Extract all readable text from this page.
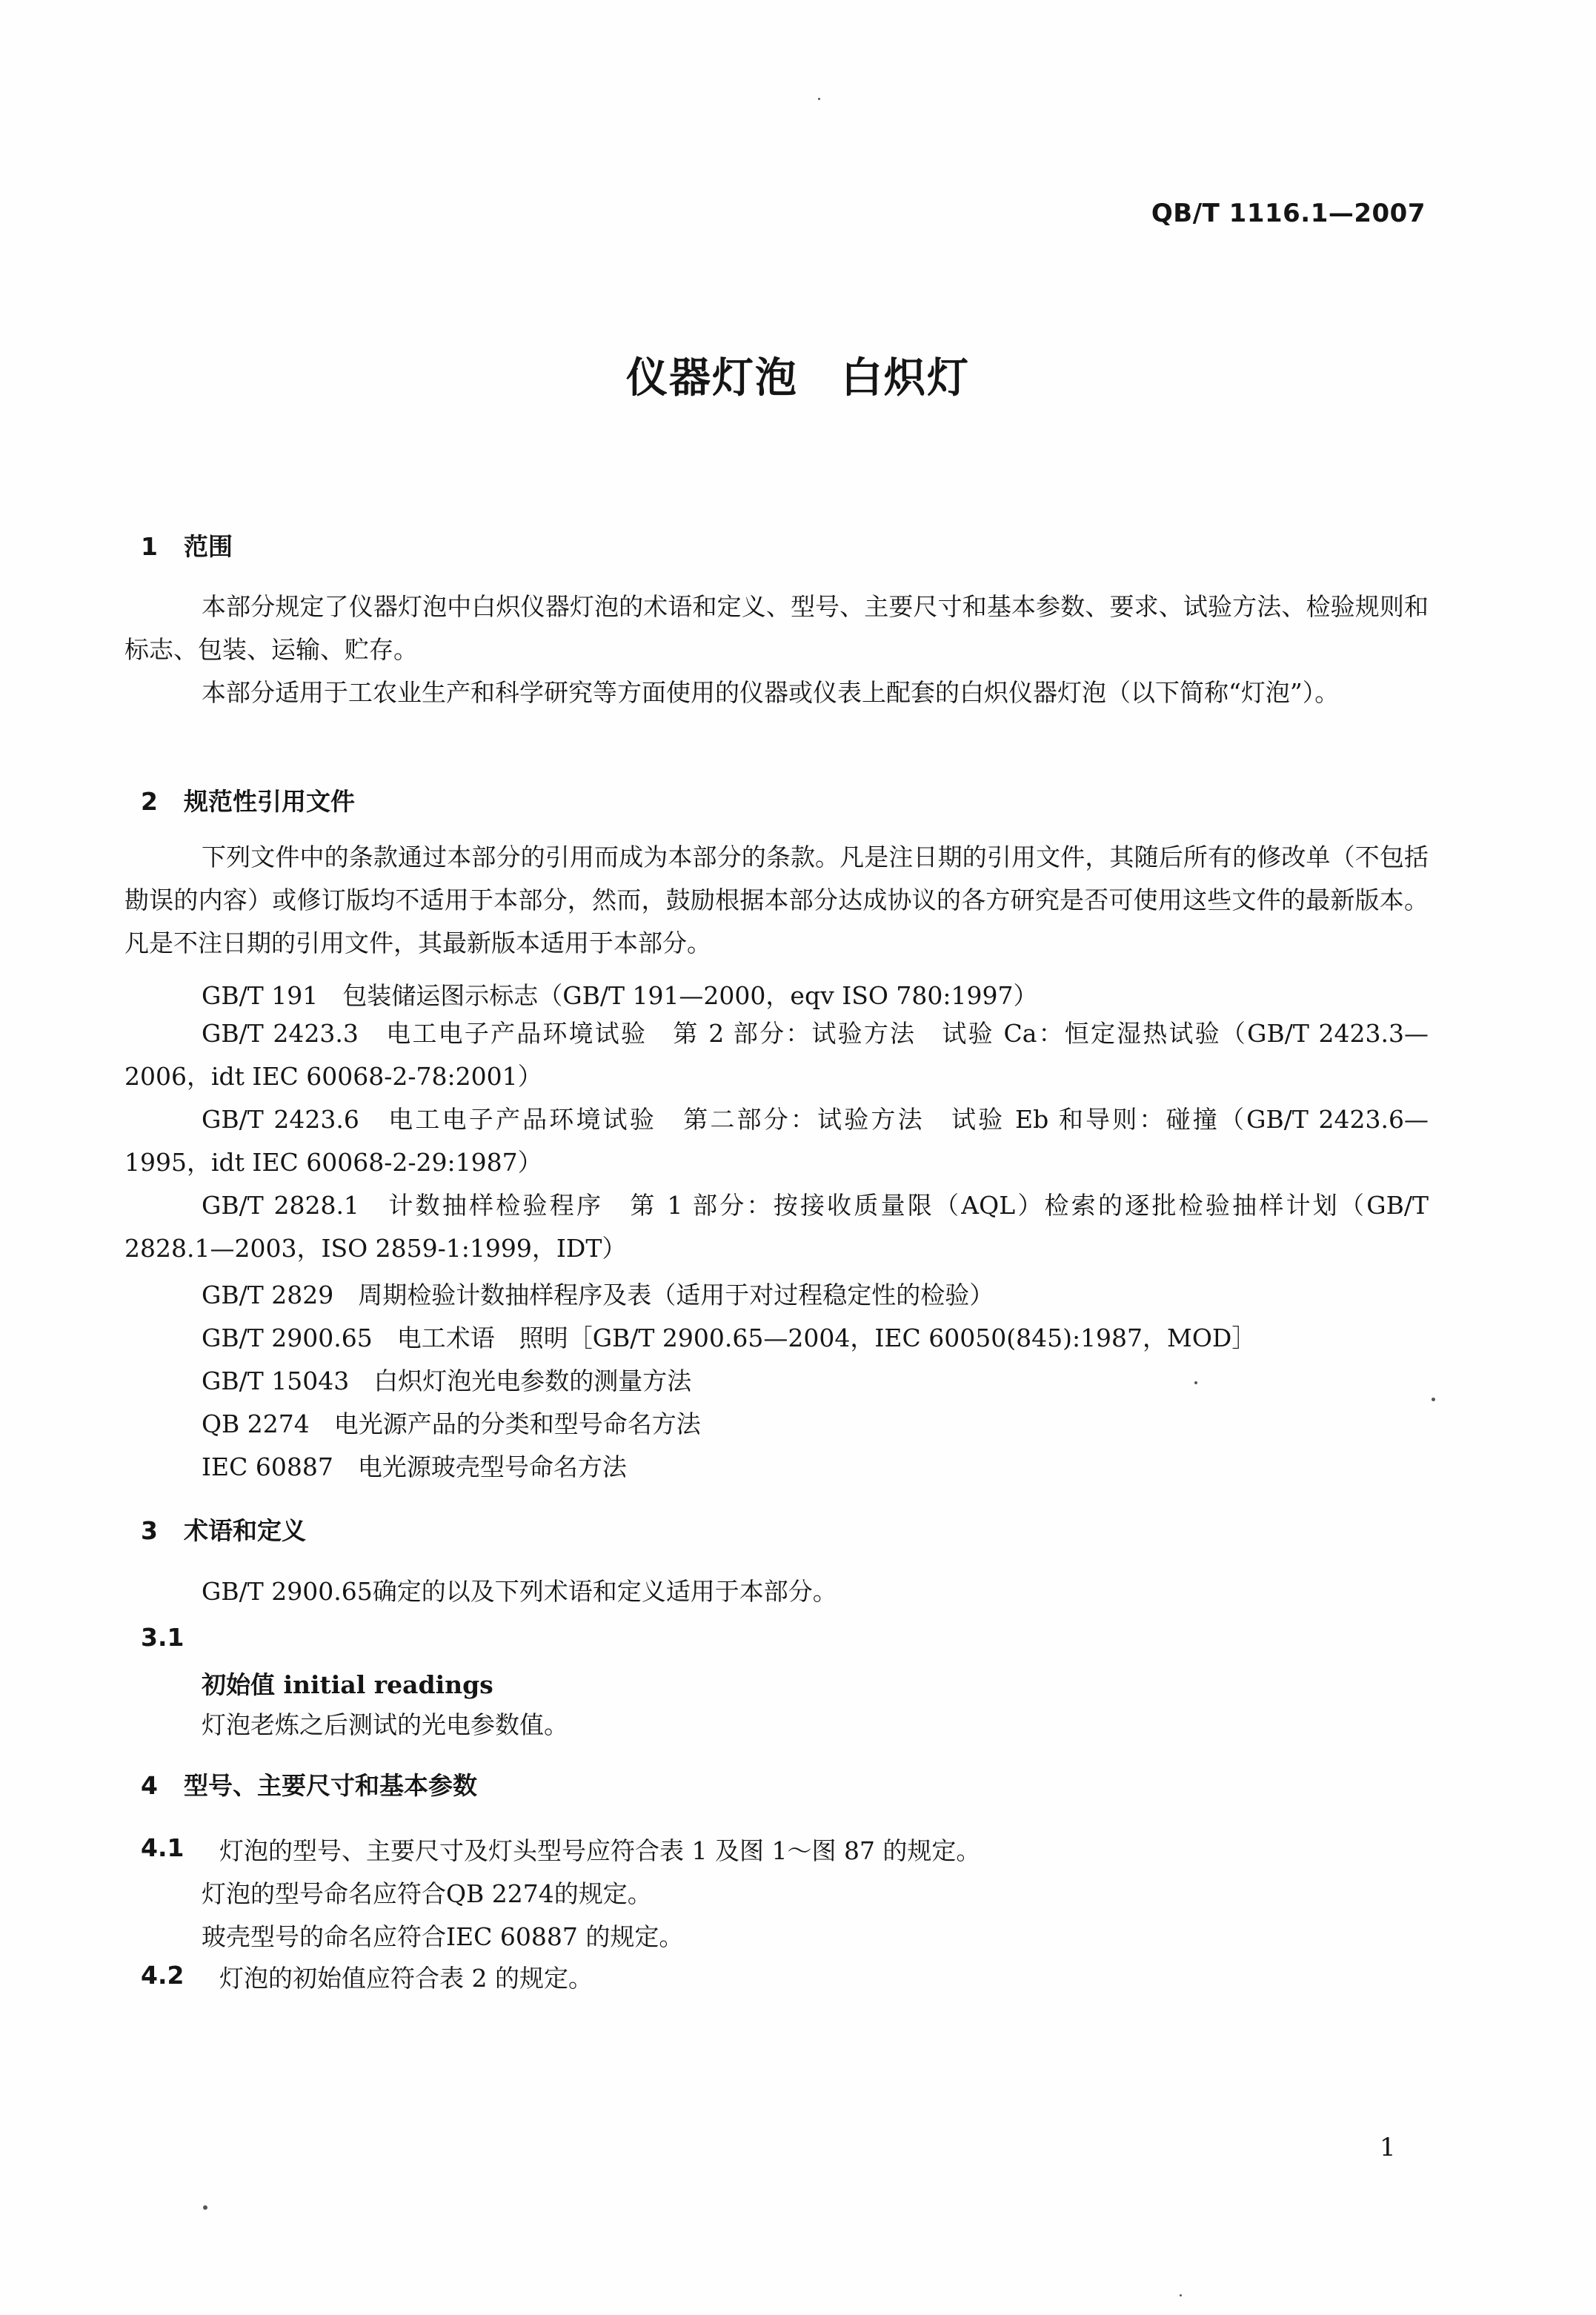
QB/T 1116.1—2007
仪器灯泡　白炽灯
1 范围
本部分规定了仪器灯泡中白炽仪器灯泡的术语和定义、型号、主要尺寸和基本参数、要求、试验方法、检验规则和标志、包装、运输、贮存。
本部分适用于工农业生产和科学研究等方面使用的仪器或仪表上配套的白炽仪器灯泡（以下简称“灯泡”）。
2 规范性引用文件
下列文件中的条款通过本部分的引用而成为本部分的条款。凡是注日期的引用文件，其随后所有的修改单（不包括勘误的内容）或修订版均不适用于本部分，然而，鼓励根据本部分达成协议的各方研究是否可使用这些文件的最新版本。凡是不注日期的引用文件，其最新版本适用于本部分。
GB/T 191　包装储运图示标志（GB/T 191—2000，eqv ISO 780:1997）
GB/T 2423.3　电工电子产品环境试验　第 2 部分：试验方法　试验 Ca：恒定湿热试验（GB/T 2423.3—2006，idt IEC 60068-2-78:2001）
GB/T 2423.6　电工电子产品环境试验　第二部分：试验方法　试验 Eb 和导则：碰撞（GB/T 2423.6—1995，idt IEC 60068-2-29:1987）
GB/T 2828.1　计数抽样检验程序　第 1 部分：按接收质量限（AQL）检索的逐批检验抽样计划（GB/T 2828.1—2003，ISO 2859-1:1999，IDT）
GB/T 2829　周期检验计数抽样程序及表（适用于对过程稳定性的检验）
GB/T 2900.65　电工术语　照明［GB/T 2900.65—2004，IEC 60050(845):1987，MOD］
GB/T 15043　白炽灯泡光电参数的测量方法
QB 2274　电光源产品的分类和型号命名方法
IEC 60887　电光源玻壳型号命名方法
3 术语和定义
GB/T 2900.65确定的以及下列术语和定义适用于本部分。
3.1
初始值 initial readings
灯泡老炼之后测试的光电参数值。
4 型号、主要尺寸和基本参数
4.1 灯泡的型号、主要尺寸及灯头型号应符合表 1 及图 1～图 87 的规定。
灯泡的型号命名应符合QB 2274的规定。
玻壳型号的命名应符合IEC 60887 的规定。
4.2 灯泡的初始值应符合表 2 的规定。
1
